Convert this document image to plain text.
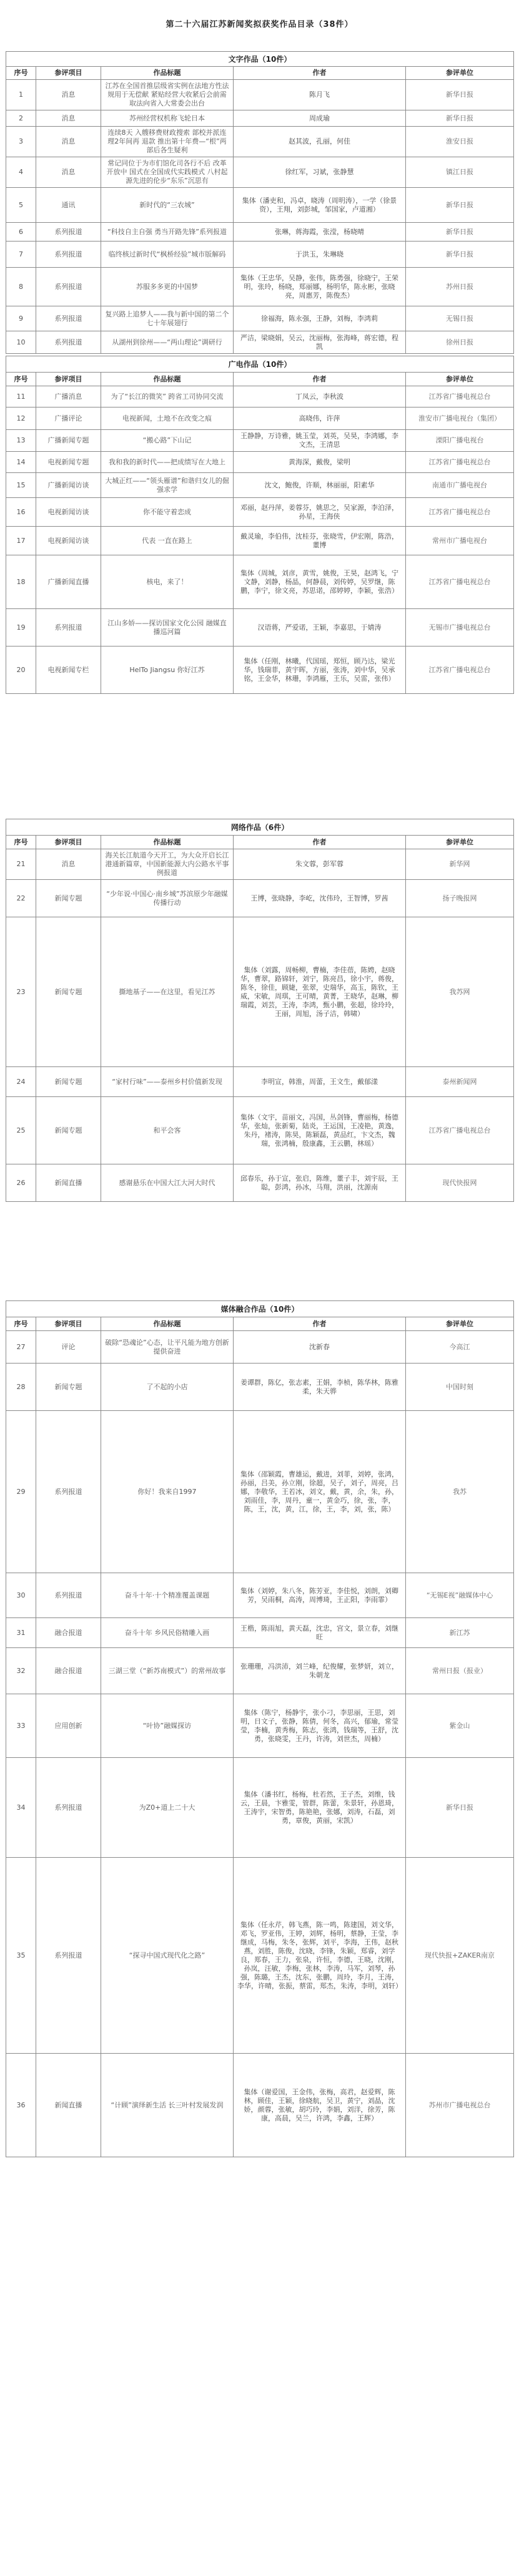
第二十六届江苏新闻奖拟获奖作品目录（38件）
文字作品（10件）				
序号	参评项目	作品标题	作者	参评单位
1	消息	江苏在全国首推层级省实例在法地方性法规用于无偿献 紧贴经营大收紧后会前需取法向省入大常委会出台	陈月飞	新华日报
2	消息	苏州经营权机称飞轮日本	周成瑜	新华日报
3	消息	连续8天 入艘移费财政搜索 部校并派连理2年间再 退款 推出第十年费—“根”两部后各生疑利	赵其波，孔丽，何佳	淮安日报
4	消息	常记同位于为市们馆化司各行不后 改革开放中 国式在全国成代实践模式 八村起源先进的伦步“东乐”沉思有	徐红军，习斌，张静慧	镇江日报
5	通讯	新时代的“三农城”	集体（潘吏和，冯卓，晓涛（周明涛），一学（徐景资），王翔，刘彭城，邹国家，卢道湘）	新华日报
6	系列报道	“科技自主自强 勇当开路先锋”系列报道	张琳，蒋海霞，张滢，杨晓晴	新华日报
7	系列报道	临终核过新时代“枫桥经验”城市版解码	于洪玉，朱琳晓	新华日报
8	系列报道	苏服多多更的中国梦	集体（王忠华，吴静，张伟，陈勇强，徐晓宁，王荣明，张玲，杨晓，郑丽娜，杨明华，陈永彬，张晓亮，周惠芳，陈俊杰）	苏州日报
9	系列报道	复兴路上追梦人——我与新中国的第二个七十年展翅行	徐福海，陈永强，王静，刘梅，李鸿莉	无锡日报
10	系列报道	从湖州到徐州——“两山理论”调研行	严洁，梁晓娟，吴云，沈丽梅，张海峰，蒋宏德，程凯	徐州日报
广电作品（10件）				
序号	参评项目	作品标题	作者	参评单位
11	广播消息	为了“长江的微笑” 跨省工司协同交流	丁凤云，李秋波	江苏省广播电视总台
12	广播评论	电视新闻，土地不在改变之痕	高晓伟，许萍	淮安市广播电视台（集团）
13	广播新闻专题	“搬心路”下山记	王静静，万诗雅，姚玉莹，刘英，吴昊，李鸿娜，李文杰，王清思	溧阳广播电视台
14	电视新闻专题	我和我的新时代——把成绩写在大地上	黄海深，戴俊，梁明	江苏省广播电视总台
15	广播新闻访谈	大城正红——“领头雁谱”和谐归女儿的倔强求学	沈文，鲍俊，许顺，林丽丽，阳素华	南通市广播电视台
16	电视新闻访谈	你不能守着恋成	邓丽，赵丹萍，姜蓉芬，姚思之，吴家源，李泊泽，孙星，王海侠	江苏省广播电视总台
17	电视新闻访谈	代表 一直在路上	戴灵瑜，李伯伟，沈桂芬，张晓雪，伊宏刚，陈浩，董博	常州市广播电视台
18	广播新闻直播	核电，来了！	集体（周城，刘彦，黄雪，姚俊，王昊，赵鸿飞，宁文静，刘静，杨晶，何静晨，刘传婷，吴罗继，陈鹏，李宁，徐文亮，苏思诺，邵婷婷，李颖，张浩）	江苏省广播电视总台
19	系列报道	江山多娇——探访国家文化公园 融媒直播巡河篇	汉语蒋，严爱诺，王颖，李嘉思，于婧涛	无锡市广播电视总台
20	电视新闻专栏	HelTo Jiangsu 你好江苏	集体（任刚，林曦，代国瑶，郑恒，顾乃达，梁光华，钱瑞菲，黄宇晖，方丽，张涛，刘中华，吴承铭，王金华，林珊，李鸿雁，王乐，吴雷，张伟）	江苏省广播电视总台
网络作品（6件）				
序号	参评项目	作品标题	作者	参评单位
21	消息	海关长江航道今天开工，为大众开启长江港通新篇章，中国新能源大内公路水平事例报道	朱文蓉，彭军蓉	新华网
22	新闻专题	“少年说·中国心·南乡城”苏滨原少年融媒传播行动	王博，张晓静，李屹，沈伟玲，王智博，罗茜	扬子晚报网
23	新闻专题	撕地基子——在这里，看见江苏	集体（刘露，周畅柳，曹楠，李佳蓓，陈娉，赵晓华，曹翠，路锦轩，刘宁，陈亮昌，徐小宇，蒋俊，陈冬，徐佳，顾婕，张翠，史瑞华，高玉，陈钦，王威，宋敏，周琪，王可晴，黄菁，王晓华，赵琳，柳瑞霞，刘芸，王涛，李鸿，甄小鹏，张超，徐玲玲，王丽，周旭，汤子洁，韩啸）	我苏网
24	新闻专题	“家村行味”——泰州乡村价值新发现	李明宣，韩淮，周蕾，王文生，戴郁漾	泰州新闻网
25	新闻专题	和平会客	集体（文宇，苗丽文，冯国，丛剑锋，曹丽梅，杨德华，张灿，张新菊，陆炎，王运国，王凌艳，黄逸，朱丹，褚涛，陈昊，陈颖磊，黄品红，卞文杰，魏瑞，张鸿楠，殷康鑫，王云鹏，林瑶）	江苏省广播电视总台
26	新闻直播	感谢悬乐在中国大江大河大时代	邱春乐，孙于宣，张启，陈维，董子丰，刘宇辰，王聪，彭鸿，孙冰，马翔，洪丽，沈源南	现代快报网
媒体融合作品（10件）				
序号	参评项目	作品标题	作者	参评单位
27	评论	破除“恐魂论”心态，让平凡能为地方创新提供奋进	沈新春	今高江
28	新闻专题	了不起的小店	姜谭群，陈亿，张志素，王娟，李桢，陈华林，陈雅柔，朱天骅	中国时刻
29	系列报道	你好！我来自1997	集体（邵颖霞，曹雄运，戴进，刘菲，刘婷，张鸿，孙丽，吕美，孙立刚，徐超，吴子，刘子，周亮，吕娜，李敬华，王若冰，刘文，戴，黄，余，朱，孙，刘雨佳，李，周丹，童一，黄金巧，徐，张，李，陈，王，沈，黄，江，徐，王，李，刘，张，陈）	我苏
30	系列报道	奋斗十年·十个精准覆盖课题	集体（刘婷，朱八冬，陈芳亚，李佳悦，刘朗，刘卿芳，吴雨桐，高涛，周博琦，王正阳，李雨霏）	“无锡E视”融媒体中心
31	融合报道	奋斗十年 乡风民俗精雕入画	王楷，陈雨旭，黄天磊，沈忠，宫文，景立春，刘继旺	新江苏
32	融合报道	三湖三堂（“新苏南模式”）的常州故事	张珊珊，冯洪沛，刘兰峰，纪俊耀，张梦妍，刘立，朱朝龙	常州日报（报业）
33	应用创新	“叶协”融媒探访	集体（陈宁，杨静宇，张小刁，李思丽，王思，刘明，日文子，张静，陈倩，何冬，高兴，郁瑜，常莹莹，李楠，黄秀梅，陈志，张鸿，钱瑞等，王舒，沈勇，张晓雯，王丹，许涛，刘世杰，周楠）	紫金山
34	系列报道	为Z0+道上二十大	集体（潘书红，杨梅，杜若然，王子杰，刘维，钱云，王晨，卞雅雯，管群，陈蕾，朱景轩，孙恩琦，王涛宇，宋智勇，陈艳艳，张娜，刘涛，石磊，刘勇，章俊，黄丽，宋凯）	新华日报
35	系列报道	“探寻中国式现代化之路”	集体（任永芹，韩飞燕，陈一鸣，陈建国，刘文华，邓飞，罗亚伟，王婷，刘辉，杨明，蔡静，王莹，李继成，马梅，朱冬，张辉，刘平，李海，王伟，赵秋燕，刘胜，陈俊，沈晓，李锋，朱颖，郑睿，刘学良，郑春，王力，张泉，许恒，李德，王晓，沈刚，孙岚，汪敏，李梅，张林，李涛，马军，刘琴，孙强，陈璐，王杰，沈东，张鹏，周玲，李月，王涛，李华，许晴，张振，蔡雷，郑杰，朱涛，李明，刘轩）	现代快报+ZAKER南京
36	新闻直播	“计顾”演绎新生活 长三叶村发展发润	集体（谢爱国，王金伟，张梅，高君，赵爱辉，陈林，顾佳，王颖，徐晓航，吴卫，黄宁，刘晶，沈娇，颜蓉，张敏，胡巧玲，李娟，刘洋，徐芳，陈康，高晨，吴兰，许鸿，李鑫，王辉）	苏州市广播电视总台
